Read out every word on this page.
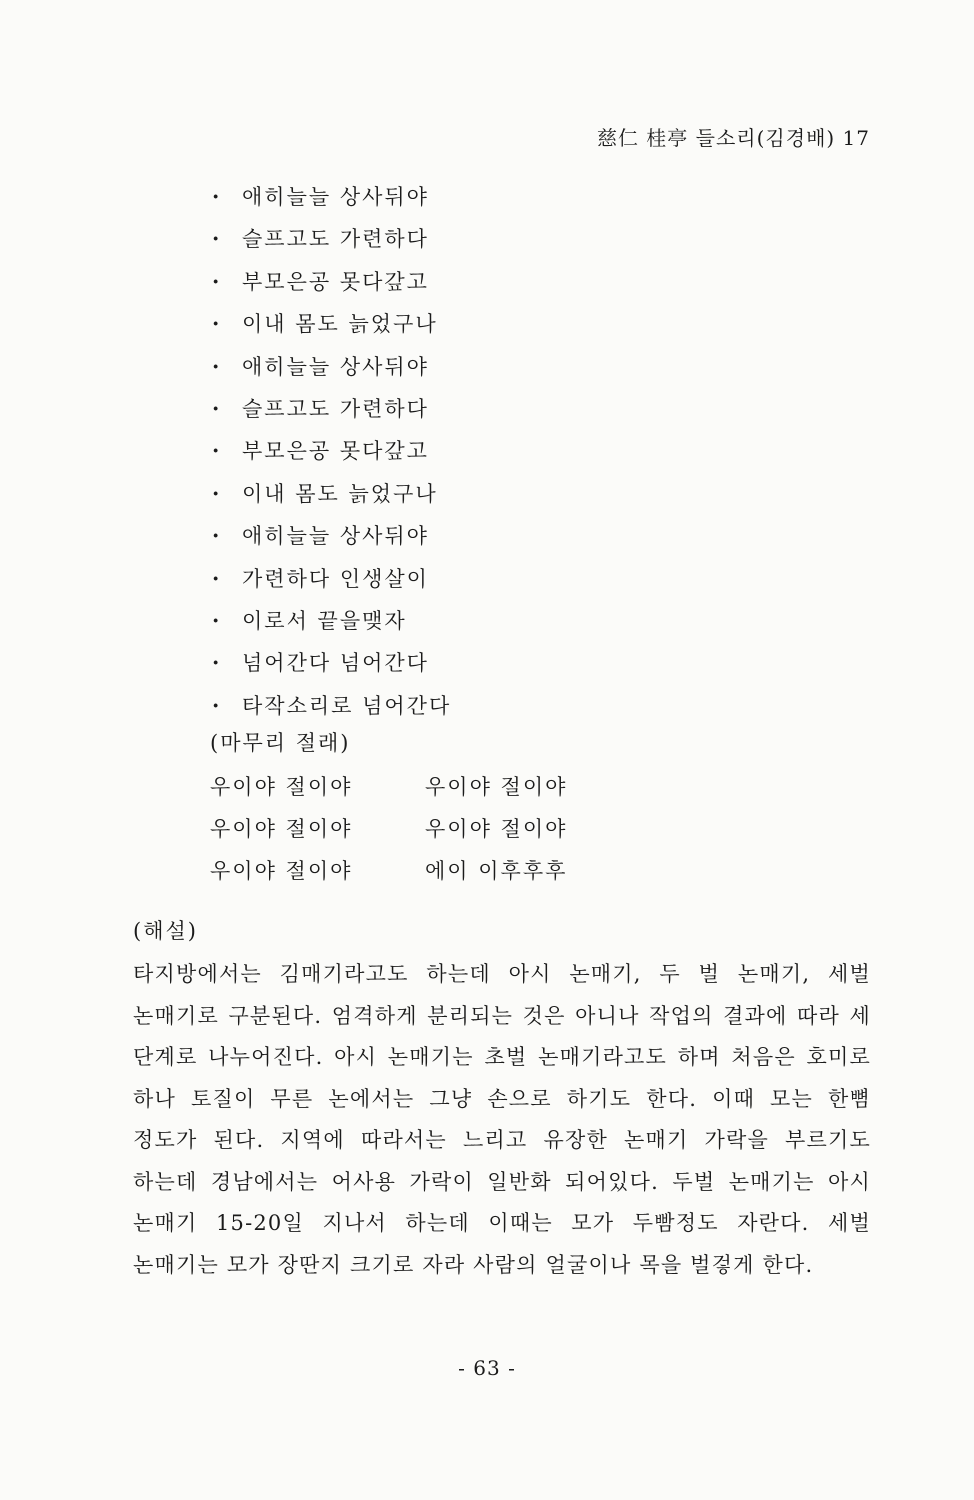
慈仁 桂亭 들소리(김경배) 17
· 애히늘늘 상사뒤야
· 슬프고도 가련하다
· 부모은공 못다갚고
· 이내 몸도 늙었구나
· 애히늘늘 상사뒤야
· 슬프고도 가련하다
· 부모은공 못다갚고
· 이내 몸도 늙었구나
· 애히늘늘 상사뒤야
· 가련하다 인생살이
· 이로서 끝을맺자
· 넘어간다 넘어간다
· 타작소리로 넘어간다
(마무리 절래)
우이야 절이야	우이야 절이야
우이야 절이야	우이야 절이야
우이야 절이야	에이 이후후후
(해설)
타지방에서는 김매기라고도 하는데 아시 논매기, 두 벌 논매기, 세벌 논매기로 구분된다. 엄격하게 분리되는 것은 아니나 작업의 결과에 따라 세 단계로 나누어진다. 아시 논매기는 초벌 논매기라고도 하며 처음은 호미로 하나 토질이 무른 논에서는 그냥 손으로 하기도 한다. 이때 모는 한뼘 정도가 된다. 지역에 따라서는 느리고 유장한 논매기 가락을 부르기도 하는데 경남에서는 어사용 가락이 일반화 되어있다. 두벌 논매기는 아시 논매기 15-20일 지나서 하는데 이때는 모가 두빰정도 자란다. 세벌 논매기는 모가 장딴지 크기로 자라 사람의 얼굴이나 목을 벌겋게 한다.
- 63 -
